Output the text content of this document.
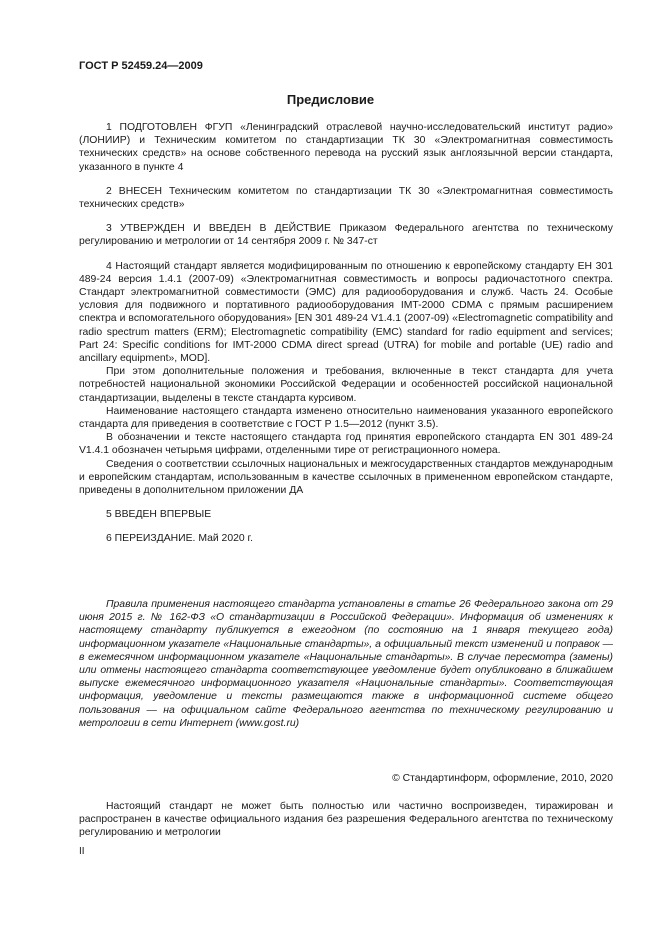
ГОСТ Р 52459.24—2009
Предисловие

1 ПОДГОТОВЛЕН ФГУП «Ленинградский отраслевой научно-исследовательский институт радио» (ЛОНИИР) и Техническим комитетом по стандартизации ТК 30 «Электромагнитная совместимость технических средств» на основе собственного перевода на русский язык англоязычной версии стандарта, указанного в пункте 4

2 ВНЕСЕН Техническим комитетом по стандартизации ТК 30 «Электромагнитная совместимость технических средств»

3 УТВЕРЖДЕН И ВВЕДЕН В ДЕЙСТВИЕ Приказом Федерального агентства по техническому регулированию и метрологии от 14 сентября 2009 г. № 347-ст

4 Настоящий стандарт является модифицированным по отношению к европейскому стандарту ЕН 301 489-24 версия 1.4.1 (2007-09) «Электромагнитная совместимость и вопросы радиочастотного спектра. Стандарт электромагнитной совместимости (ЭМС) для радиооборудования и служб. Часть 24. Особые условия для подвижного и портативного радиооборудования IMT-2000 CDMA с прямым расширением спектра и вспомогательного оборудования» [EN 301 489-24 V1.4.1 (2007-09) «Electromagnetic compatibility and radio spectrum matters (ERM); Electromagnetic compatibility (EMC) standard for radio equipment and services; Part 24: Specific conditions for IMT-2000 CDMA direct spread (UTRA) for mobile and portable (UE) radio and ancillary equipment», MOD].

При этом дополнительные положения и требования, включенные в текст стандарта для учета потребностей национальной экономики Российской Федерации и особенностей российской национальной стандартизации, выделены в тексте стандарта курсивом.

Наименование настоящего стандарта изменено относительно наименования указанного европейского стандарта для приведения в соответствие с ГОСТ Р 1.5—2012 (пункт 3.5).

В обозначении и тексте настоящего стандарта год принятия европейского стандарта EN 301 489-24 V1.4.1 обозначен четырьмя цифрами, отделенными тире от регистрационного номера.

Сведения о соответствии ссылочных национальных и межгосударственных стандартов международным и европейским стандартам, использованным в качестве ссылочных в примененном европейском стандарте, приведены в дополнительном приложении ДА

5 ВВЕДЕН ВПЕРВЫЕ

6 ПЕРЕИЗДАНИЕ. Май 2020 г.

Правила применения настоящего стандарта установлены в статье 26 Федерального закона от 29 июня 2015 г. № 162-ФЗ «О стандартизации в Российской Федерации». Информация об изменениях к настоящему стандарту публикуется в ежегодном (по состоянию на 1 января текущего года) информационном указателе «Национальные стандарты», а официальный текст изменений и поправок — в ежемесячном информационном указателе «Национальные стандарты». В случае пересмотра (замены) или отмены настоящего стандарта соответствующее уведомление будет опубликовано в ближайшем выпуске ежемесячного информационного указателя «Национальные стандарты». Соответствующая информация, уведомление и тексты размещаются также в информационной системе общего пользования — на официальном сайте Федерального агентства по техническому регулированию и метрологии в сети Интернет (www.gost.ru)

© Стандартинформ, оформление, 2010, 2020

Настоящий стандарт не может быть полностью или частично воспроизведен, тиражирован и распространен в качестве официального издания без разрешения Федерального агентства по техническому регулированию и метрологии

II
